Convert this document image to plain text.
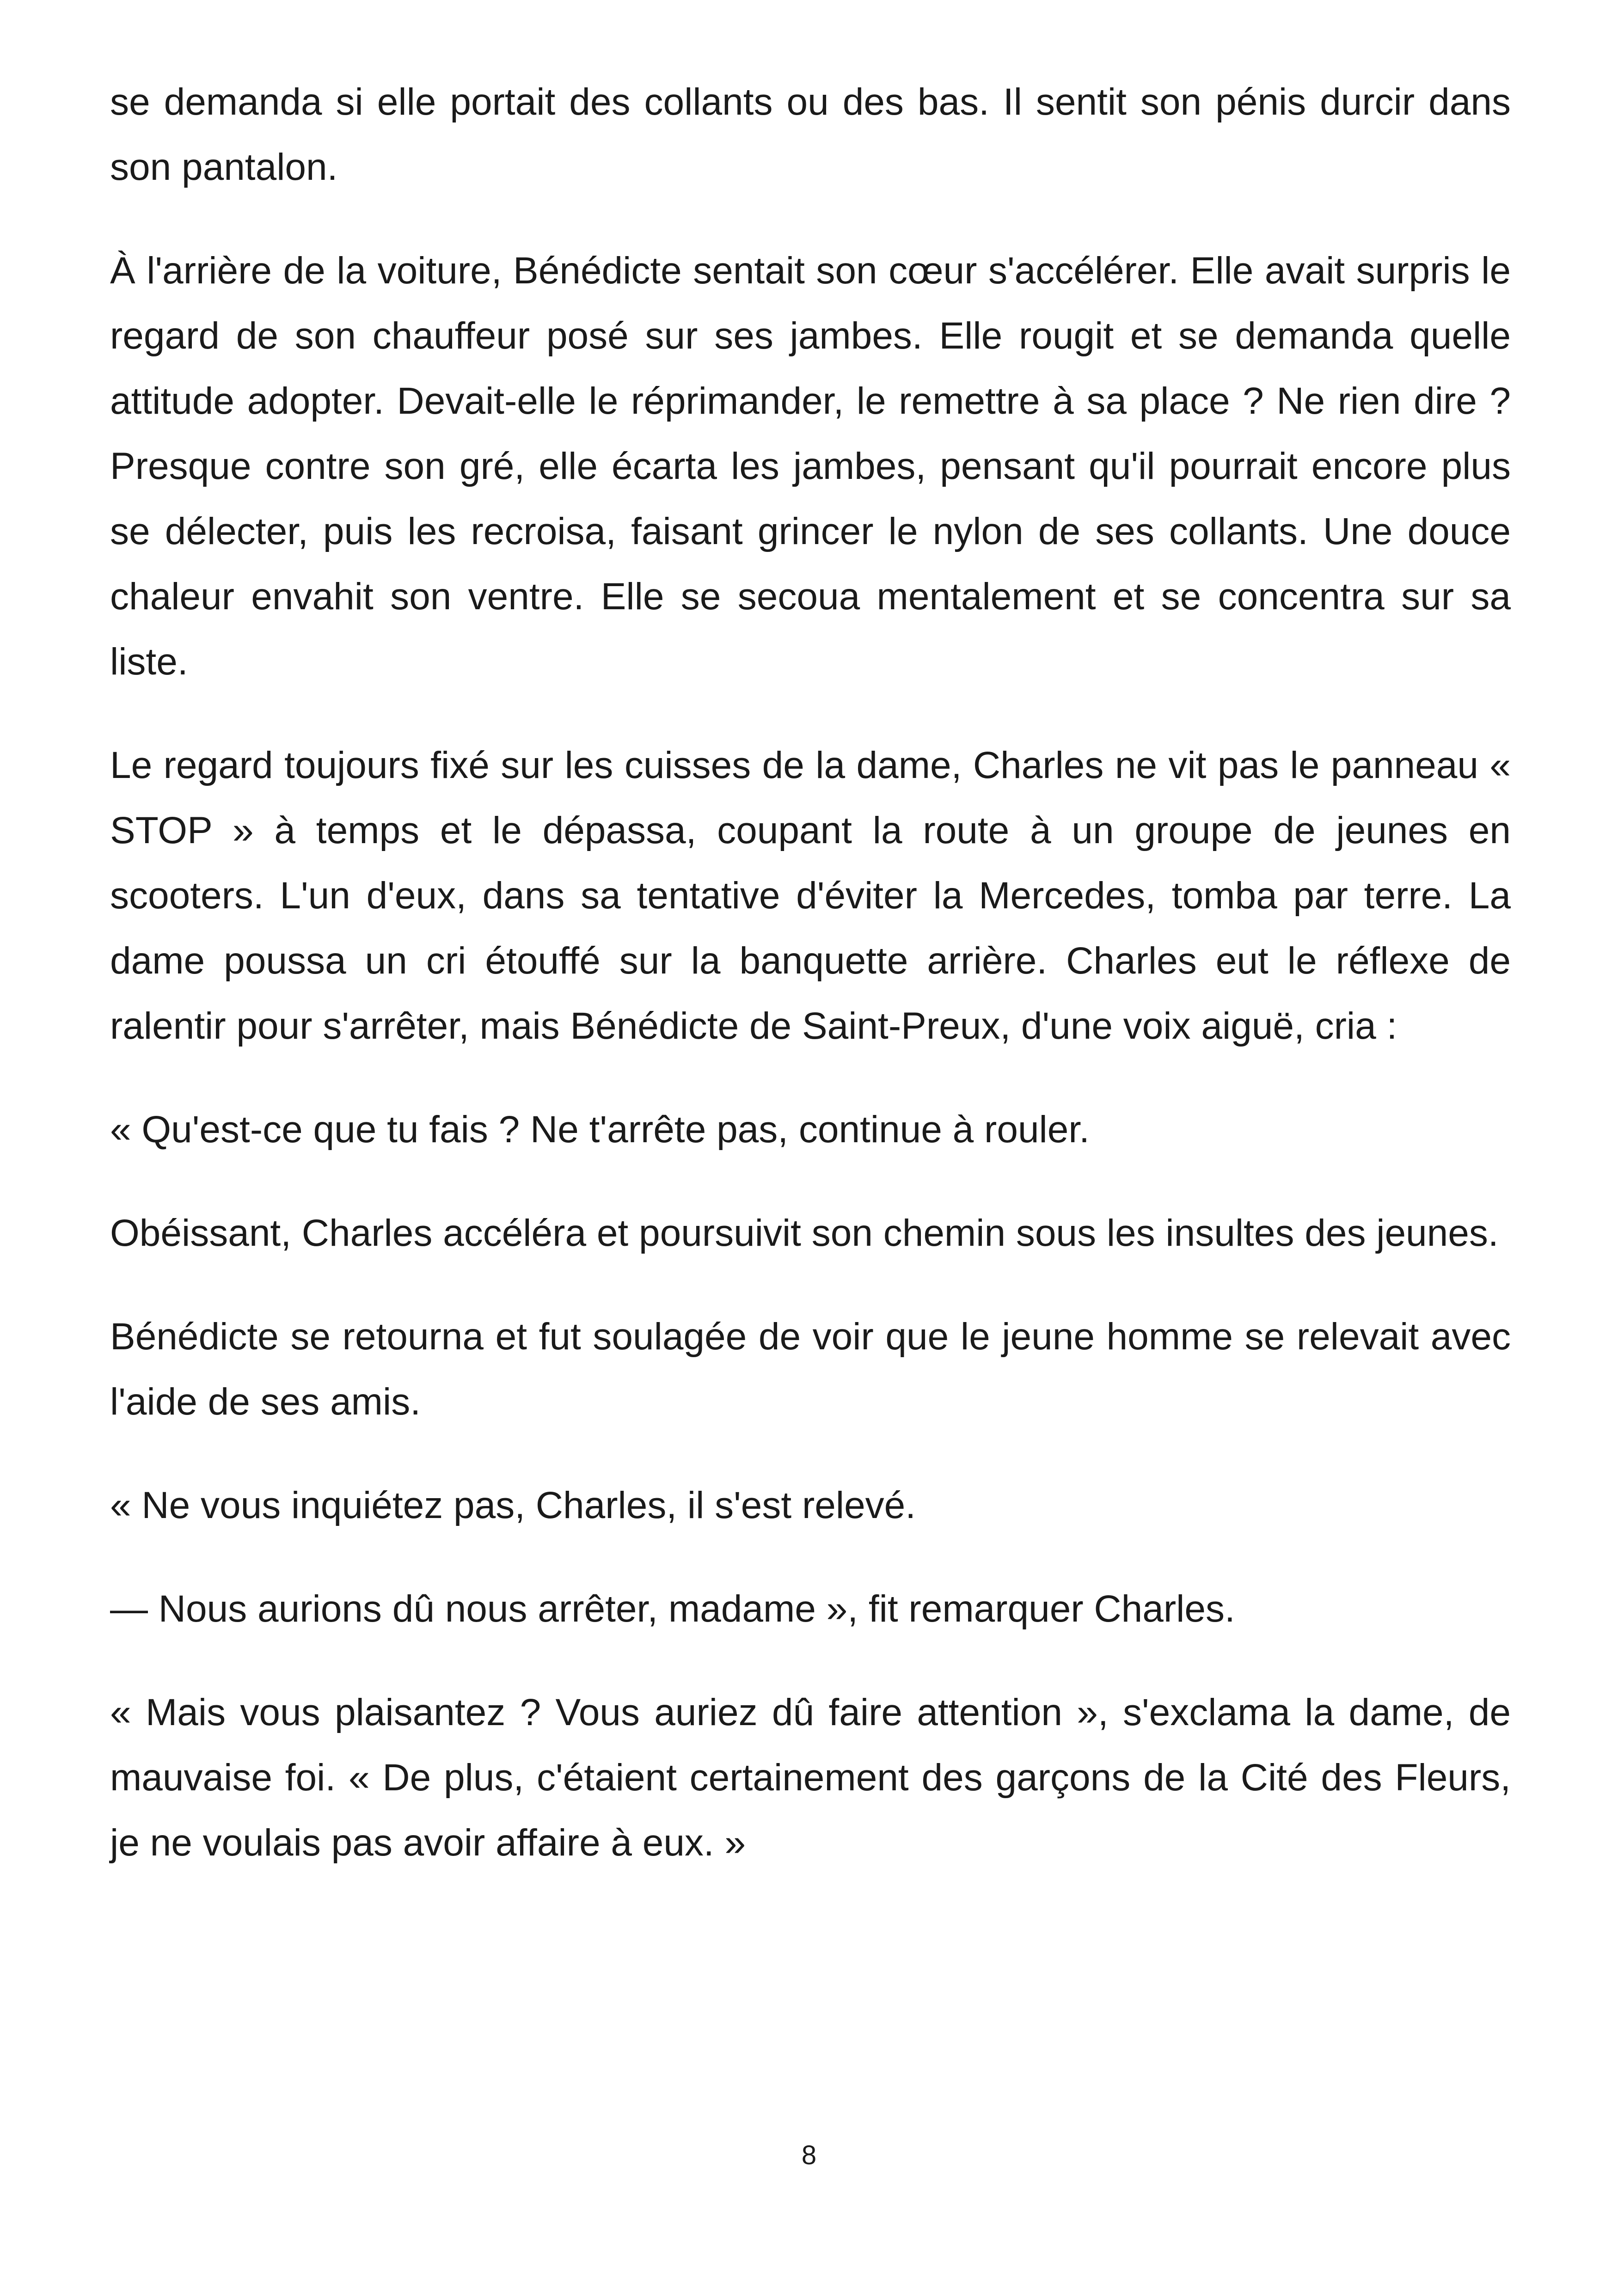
se demanda si elle portait des collants ou des bas. Il sentit son pénis durcir dans son pantalon.

À l'arrière de la voiture, Bénédicte sentait son cœur s'accélérer. Elle avait surpris le regard de son chauffeur posé sur ses jambes. Elle rougit et se demanda quelle attitude adopter. Devait-elle le réprimander, le remettre à sa place ? Ne rien dire ? Presque contre son gré, elle écarta les jambes, pensant qu'il pourrait encore plus se délecter, puis les recroisa, faisant grincer le nylon de ses collants. Une douce chaleur envahit son ventre. Elle se secoua mentalement et se concentra sur sa liste.

Le regard toujours fixé sur les cuisses de la dame, Charles ne vit pas le panneau « STOP » à temps et le dépassa, coupant la route à un groupe de jeunes en scooters. L'un d'eux, dans sa tentative d'éviter la Mercedes, tomba par terre. La dame poussa un cri étouffé sur la banquette arrière. Charles eut le réflexe de ralentir pour s'arrêter, mais Bénédicte de Saint-Preux, d'une voix aiguë, cria :

« Qu'est-ce que tu fais ? Ne t'arrête pas, continue à rouler.

Obéissant, Charles accéléra et poursuivit son chemin sous les insultes des jeunes.

Bénédicte se retourna et fut soulagée de voir que le jeune homme se relevait avec l'aide de ses amis.

« Ne vous inquiétez pas, Charles, il s'est relevé.

— Nous aurions dû nous arrêter, madame », fit remarquer Charles.

« Mais vous plaisantez ? Vous auriez dû faire attention », s'exclama la dame, de mauvaise foi. « De plus, c'étaient certainement des garçons de la Cité des Fleurs, je ne voulais pas avoir affaire à eux. »

8
